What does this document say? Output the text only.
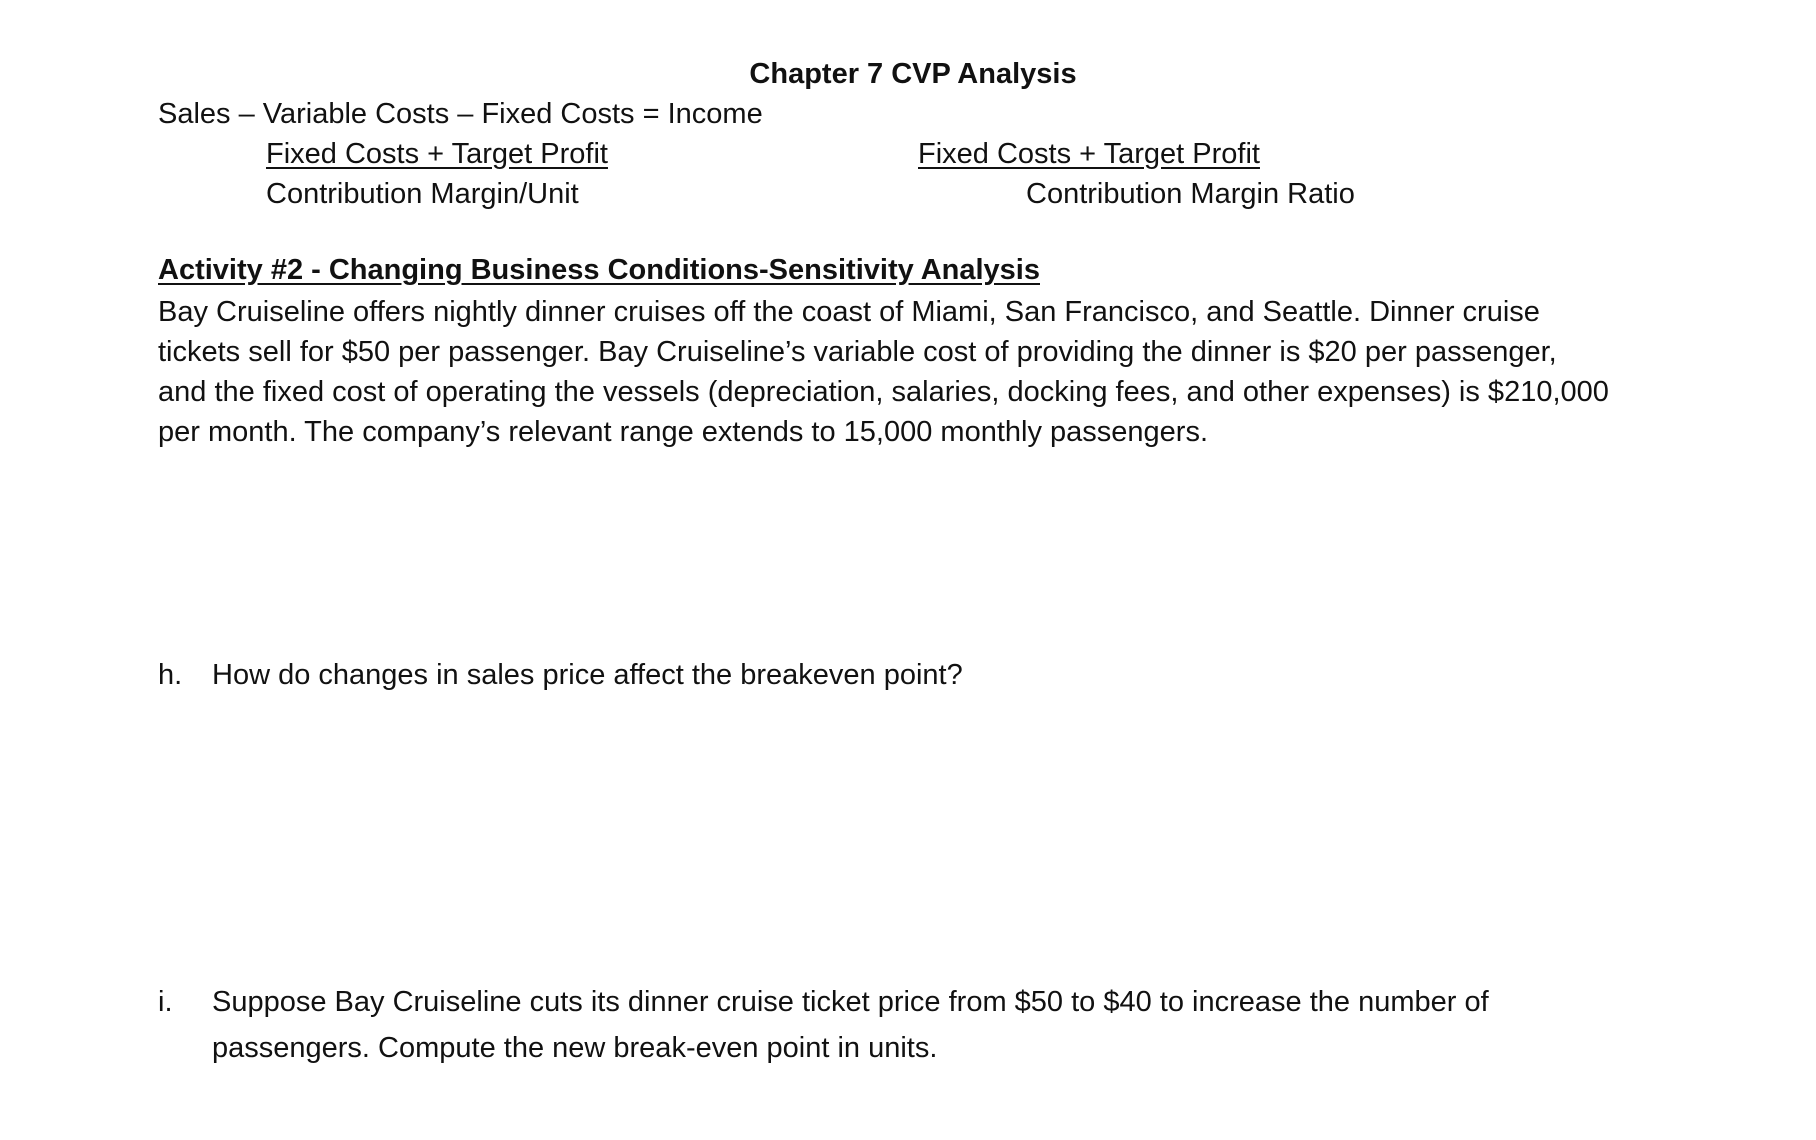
Chapter 7 CVP Analysis
Sales – Variable Costs – Fixed Costs = Income
Fixed Costs + Target Profit
Contribution Margin/Unit
Fixed Costs + Target Profit
Contribution Margin Ratio
Activity #2 - Changing Business Conditions-Sensitivity Analysis
Bay Cruiseline offers nightly dinner cruises off the coast of Miami, San Francisco, and Seattle. Dinner cruise
tickets sell for $50 per passenger. Bay Cruiseline’s variable cost of providing the dinner is $20 per passenger,
and the fixed cost of operating the vessels (depreciation, salaries, docking fees, and other expenses) is $210,000
per month. The company’s relevant range extends to 15,000 monthly passengers.
h. How do changes in sales price affect the breakeven point?
i. Suppose Bay Cruiseline cuts its dinner cruise ticket price from $50 to $40 to increase the number of
passengers. Compute the new break-even point in units.
